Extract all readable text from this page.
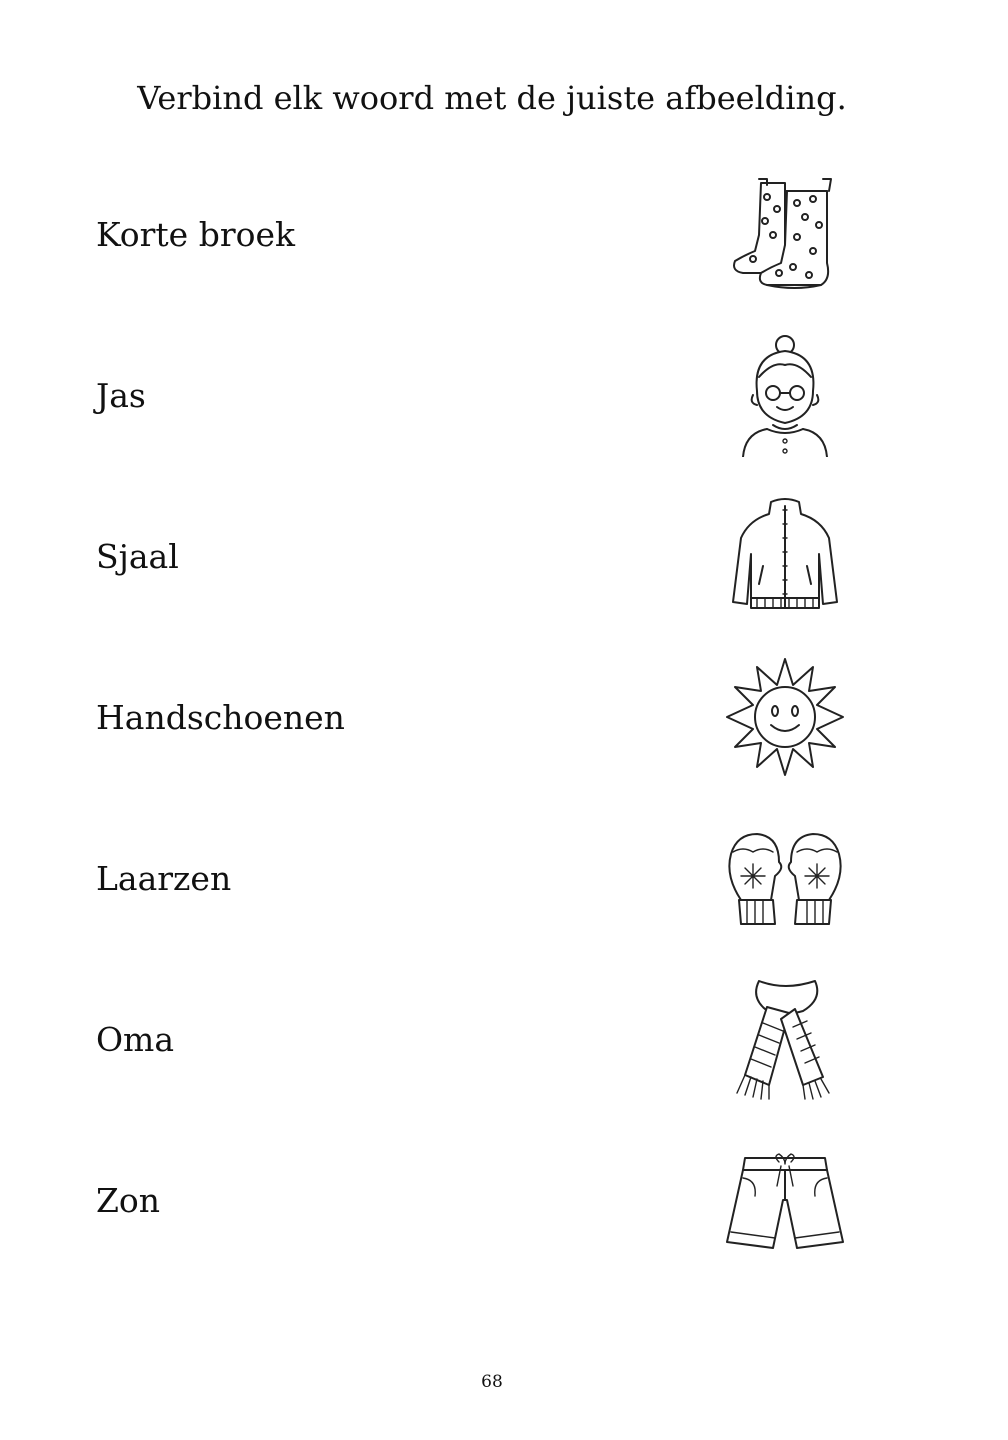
Verbind elk woord met de juiste afbeelding.
Korte broek
Jas
Sjaal
Handschoenen
Laarzen
Oma
Zon
68
